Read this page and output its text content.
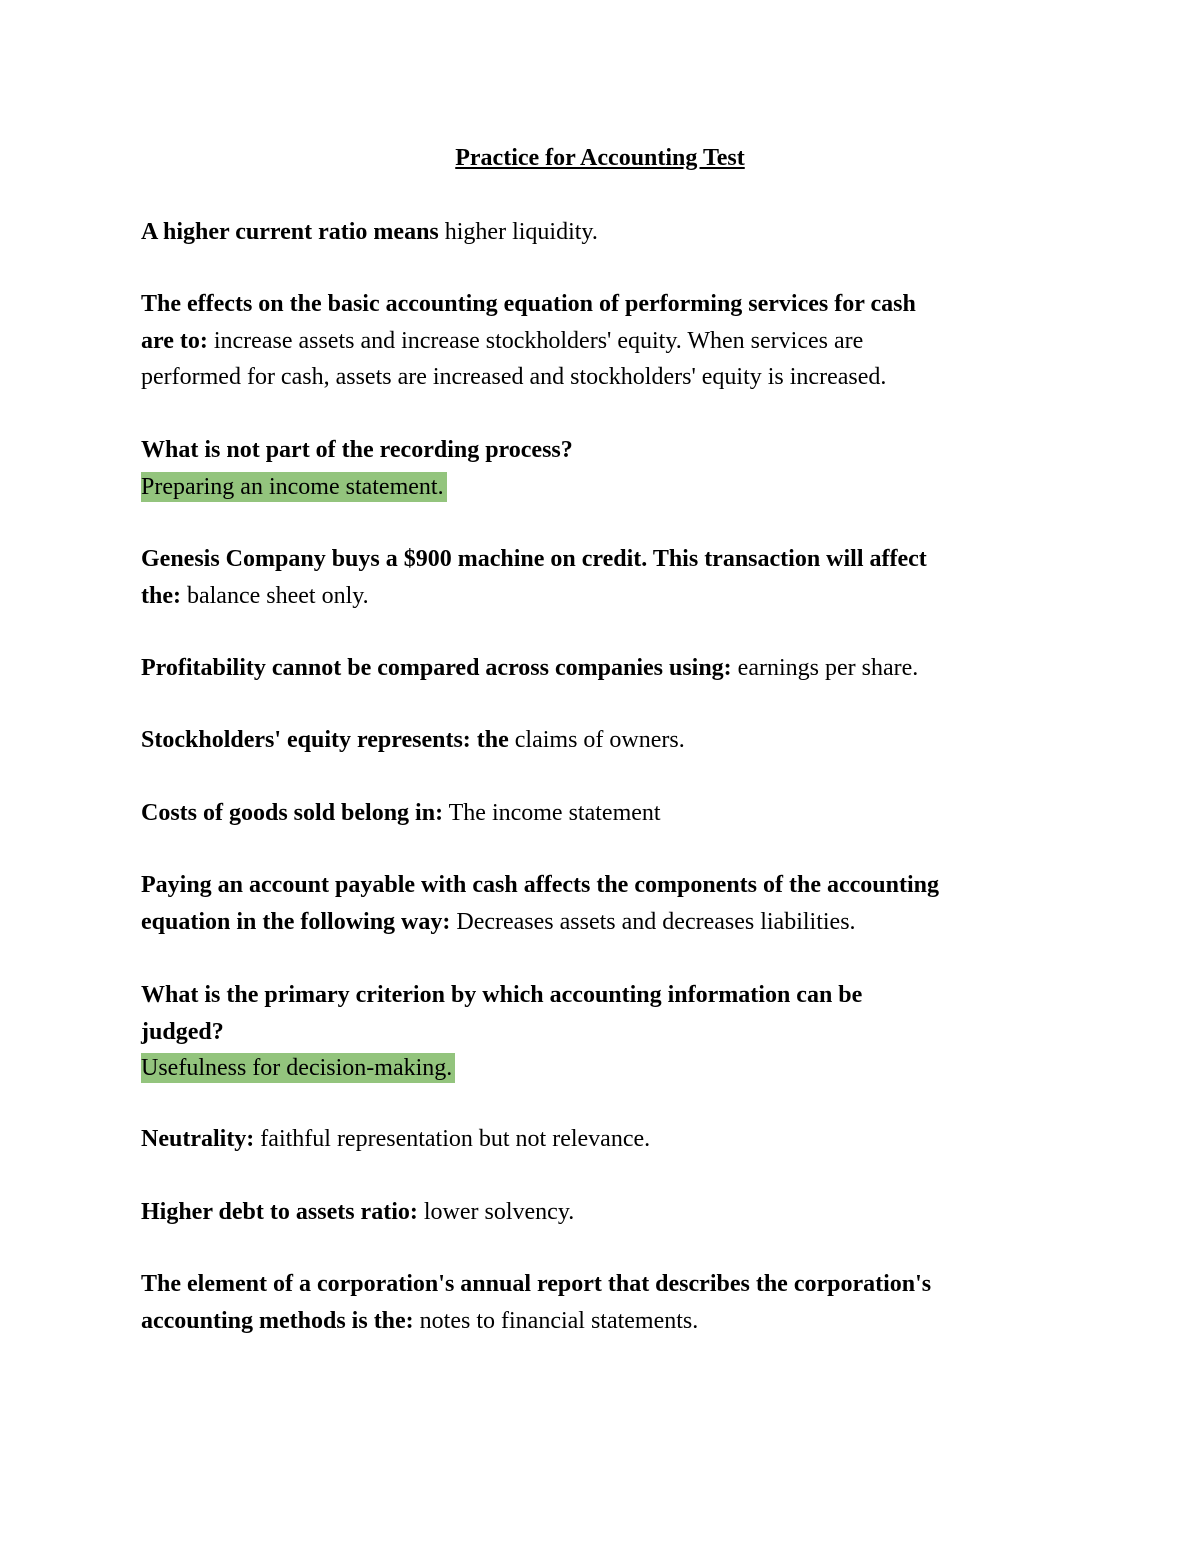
Practice for Accounting Test
A higher current ratio means higher liquidity.
The effects on the basic accounting equation of performing services for cash
are to: increase assets and increase stockholders' equity. When services are
performed for cash, assets are increased and stockholders' equity is increased.
What is not part of the recording process?
Preparing an income statement.
Genesis Company buys a $900 machine on credit. This transaction will affect
the: balance sheet only.
Profitability cannot be compared across companies using: earnings per share.
Stockholders' equity represents: the claims of owners.
Costs of goods sold belong in: The income statement
Paying an account payable with cash affects the components of the accounting
equation in the following way: Decreases assets and decreases liabilities.
What is the primary criterion by which accounting information can be
judged?
Usefulness for decision-making.
Neutrality: faithful representation but not relevance.
Higher debt to assets ratio: lower solvency.
The element of a corporation's annual report that describes the corporation's
accounting methods is the: notes to financial statements.
